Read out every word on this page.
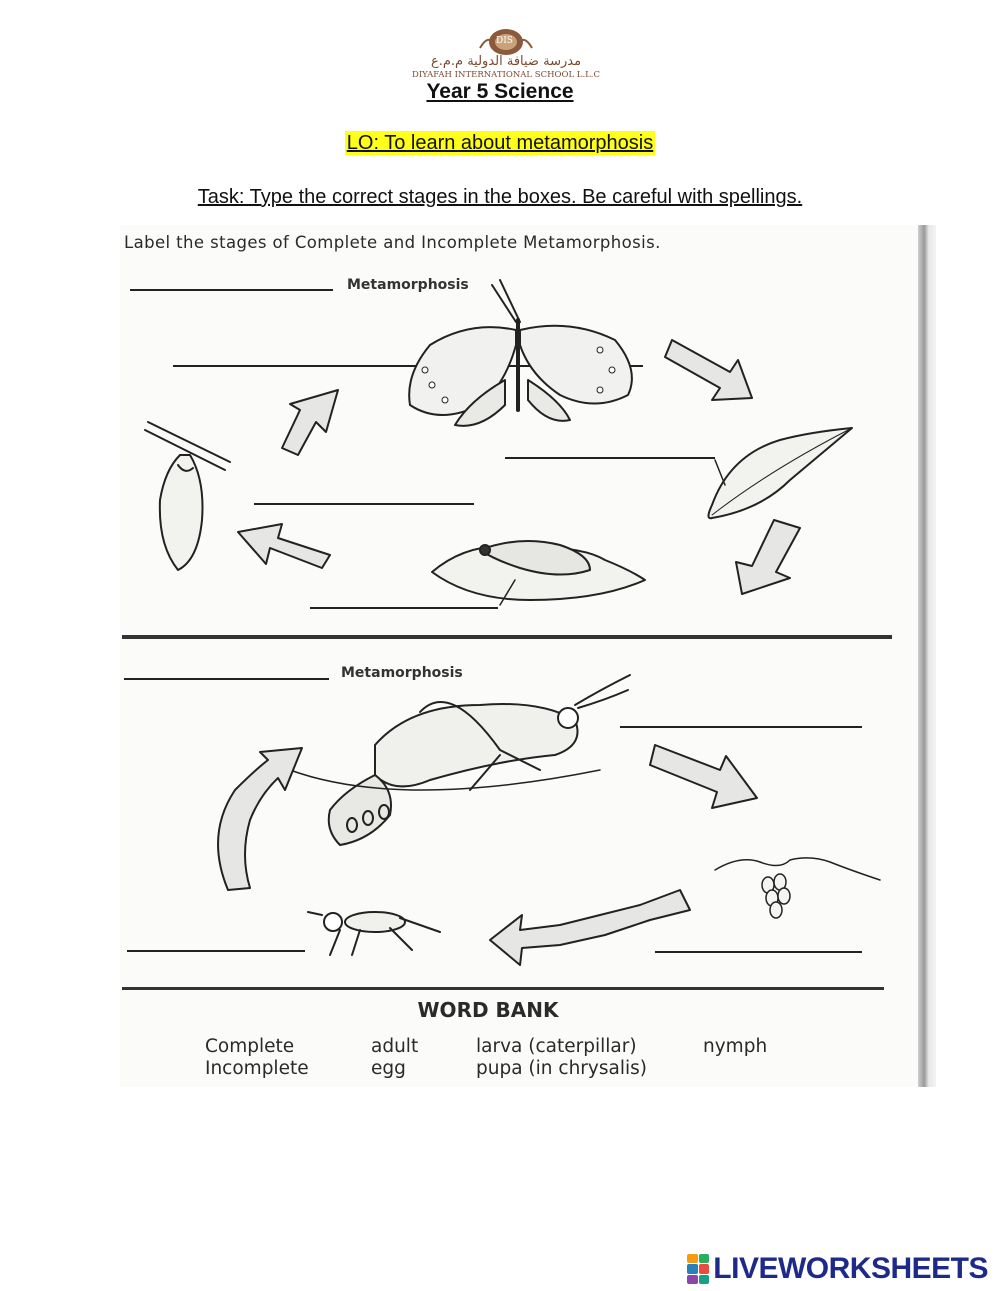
DIS
مدرسة ضيافة الدولية م.م.ع
DIYAFAH INTERNATIONAL SCHOOL L.L.C
Year 5 Science
LO: To learn about metamorphosis
Task: Type the correct stages in the boxes. Be careful with spellings.
Label the stages of Complete and Incomplete Metamorphosis.
Metamorphosis
Metamorphosis
WORD BANK
Complete	adult	larva (caterpillar)	nymph
Incomplete	egg	pupa (in chrysalis)
LIVEWORKSHEETS
